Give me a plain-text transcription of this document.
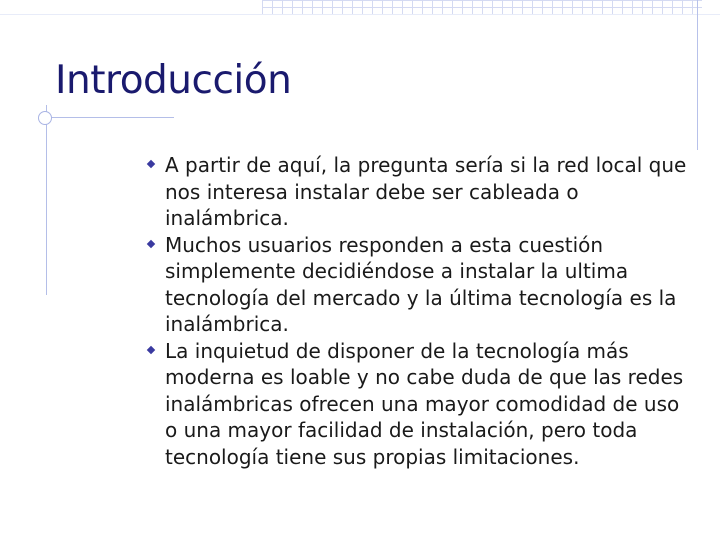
Introducción
A partir de aquí, la pregunta sería si la red local que nos interesa instalar debe ser cableada o inalámbrica.
Muchos usuarios responden a esta cuestión simplemente decidiéndose a instalar la ultima tecnología del mercado y la última tecnología es la inalámbrica.
La inquietud de disponer de la tecnología más moderna es loable y no cabe duda de que las redes inalámbricas ofrecen una mayor comodidad de uso o una mayor facilidad de instalación, pero toda tecnología tiene sus propias limitaciones.
